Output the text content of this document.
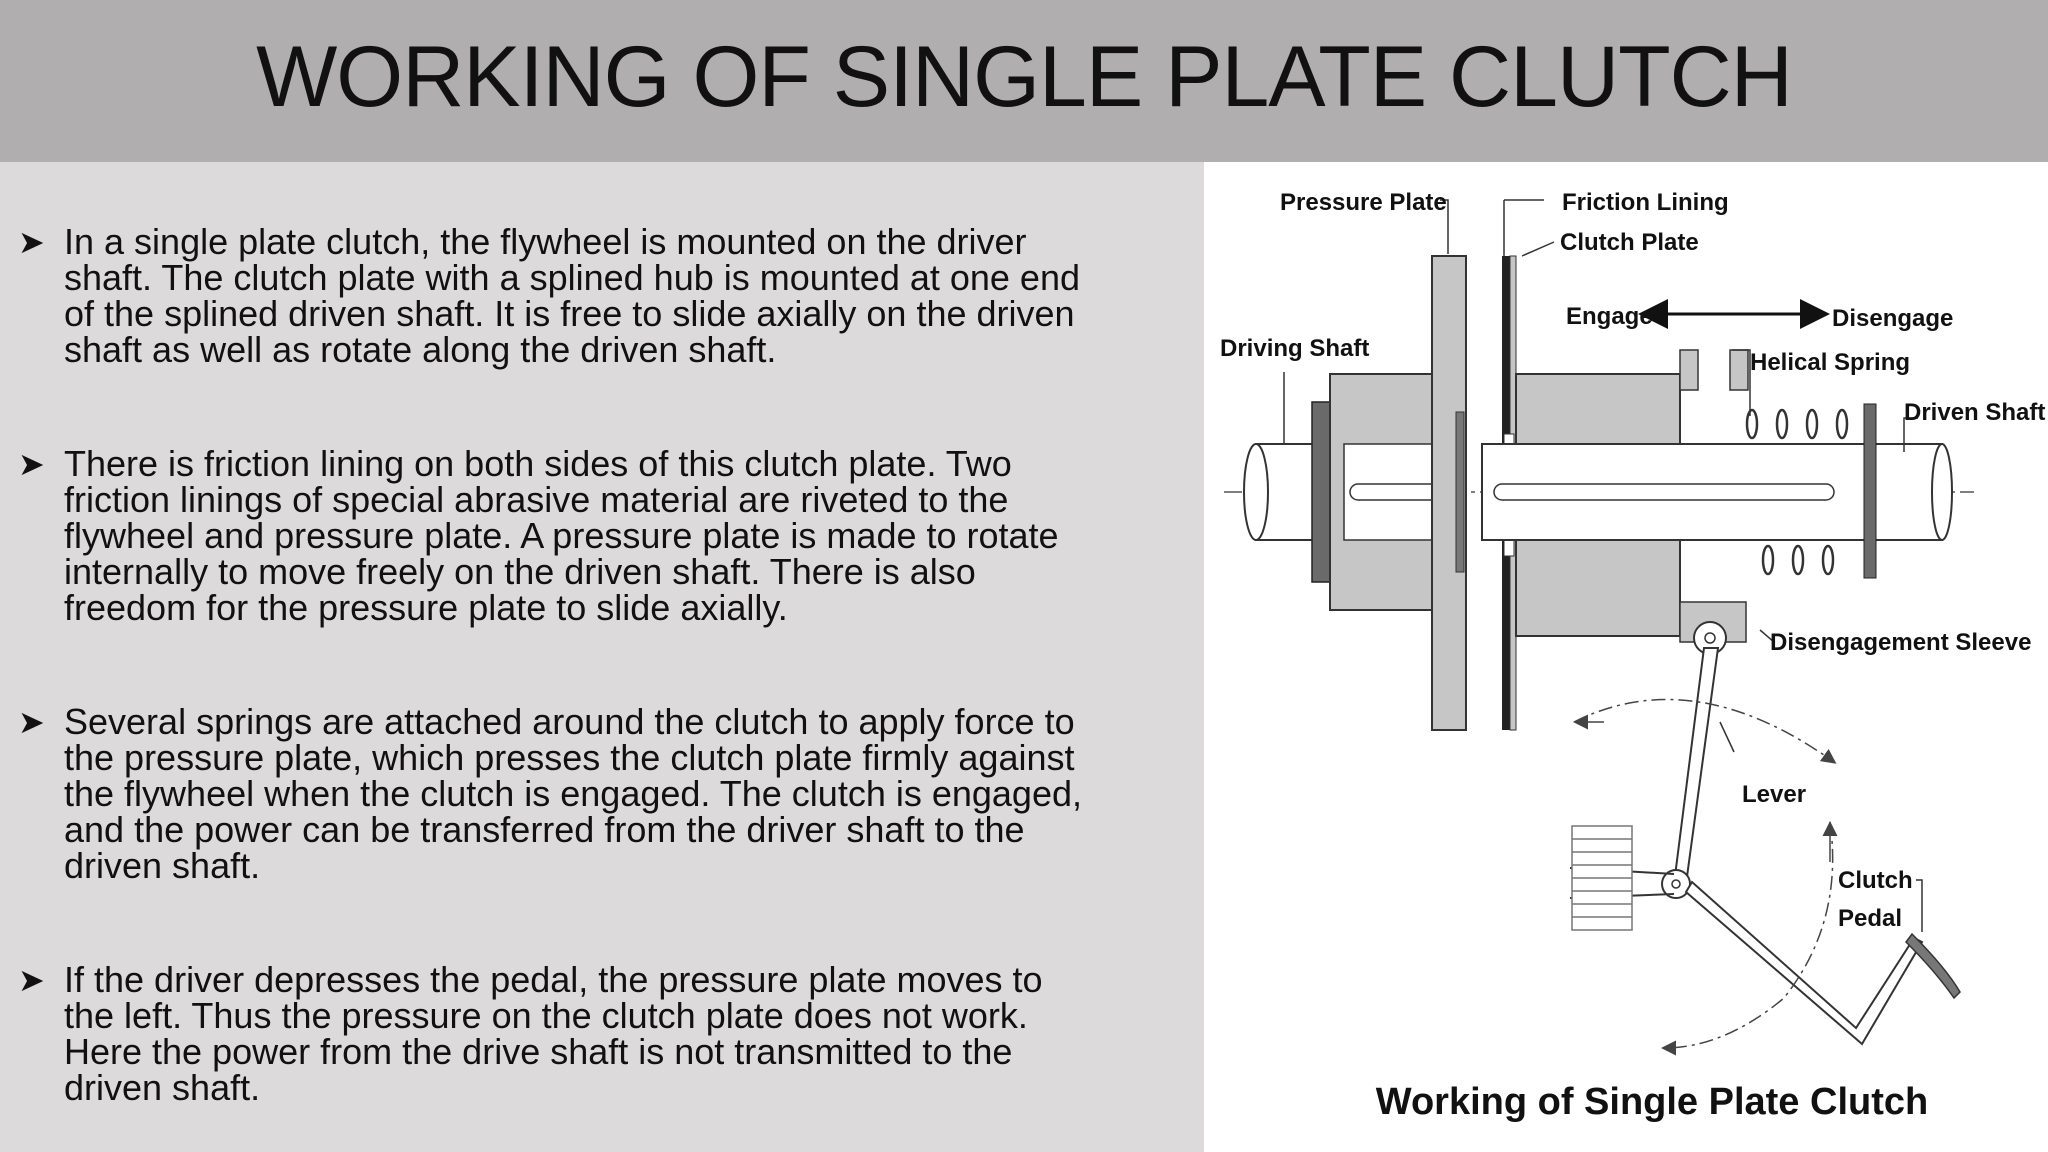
WORKING OF SINGLE PLATE CLUTCH
➤ In a single plate clutch, the flywheel is mounted on the driver
shaft. The clutch plate with a splined hub is mounted at one end
of the splined driven shaft. It is free to slide axially on the driven
shaft as well as rotate along the driven shaft.
➤ There is friction lining on both sides of this clutch plate. Two
friction linings of special abrasive material are riveted to the
flywheel and pressure plate. A pressure plate is made to rotate
internally to move freely on the driven shaft. There is also
freedom for the pressure plate to slide axially.
➤ Several springs are attached around the clutch to apply force to
the pressure plate, which presses the clutch plate firmly against
the flywheel when the clutch is engaged. The clutch is engaged,
and the power can be transferred from the driver shaft to the
driven shaft.
➤ If the driver depresses the pedal, the pressure plate moves to
the left. Thus the pressure on the clutch plate does not work.
Here the power from the drive shaft is not transmitted to the
driven shaft.
Pressure Plate	Friction Lining
Clutch Plate
Engage	Disengage
Driving Shaft
Helical Spring
Driven Shaft
Disengagement Sleeve
Lever
Clutch
Pedal
Working of Single Plate Clutch
